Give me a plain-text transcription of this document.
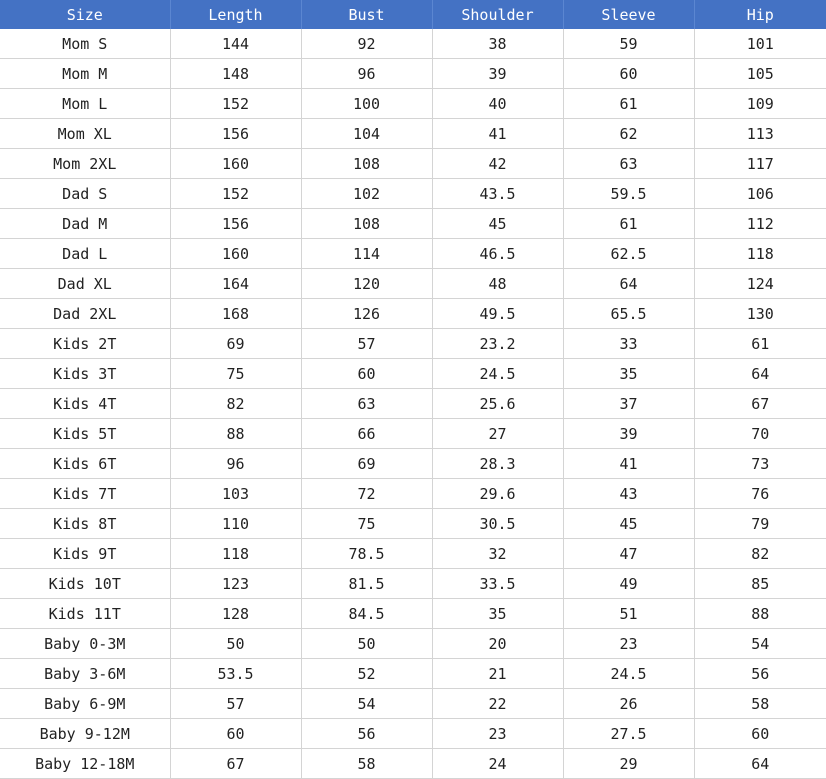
Size	Length	Bust	Shoulder	Sleeve	Hip
Mom S	144	92	38	59	101
Mom M	148	96	39	60	105
Mom L	152	100	40	61	109
Mom XL	156	104	41	62	113
Mom 2XL	160	108	42	63	117
Dad S	152	102	43.5	59.5	106
Dad M	156	108	45	61	112
Dad L	160	114	46.5	62.5	118
Dad XL	164	120	48	64	124
Dad 2XL	168	126	49.5	65.5	130
Kids 2T	69	57	23.2	33	61
Kids 3T	75	60	24.5	35	64
Kids 4T	82	63	25.6	37	67
Kids 5T	88	66	27	39	70
Kids 6T	96	69	28.3	41	73
Kids 7T	103	72	29.6	43	76
Kids 8T	110	75	30.5	45	79
Kids 9T	118	78.5	32	47	82
Kids 10T	123	81.5	33.5	49	85
Kids 11T	128	84.5	35	51	88
Baby 0-3M	50	50	20	23	54
Baby 3-6M	53.5	52	21	24.5	56
Baby 6-9M	57	54	22	26	58
Baby 9-12M	60	56	23	27.5	60
Baby 12-18M	67	58	24	29	64
